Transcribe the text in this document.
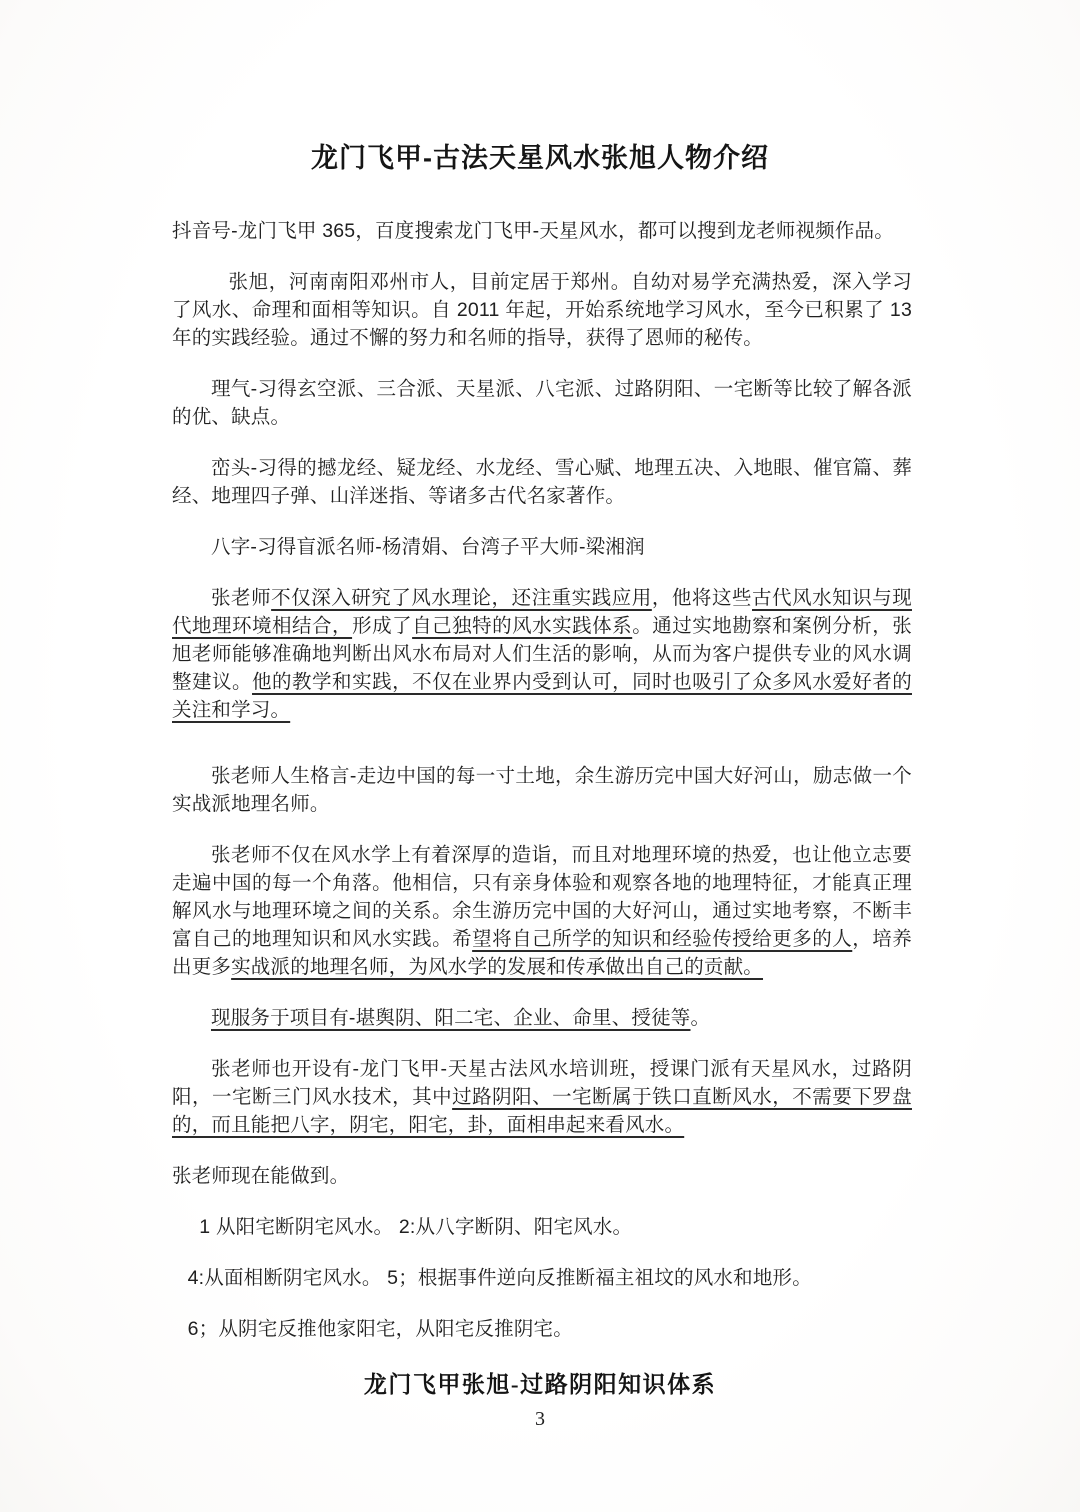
龙门飞甲-古法天星风水张旭人物介绍

抖音号-龙门飞甲 365，百度搜索龙门飞甲-天星风水，都可以搜到龙老师视频作品。

张旭，河南南阳邓州市人，目前定居于郑州。自幼对易学充满热爱，深入学习了风水、命理和面相等知识。自 2011 年起，开始系统地学习风水，至今已积累了 13 年的实践经验。通过不懈的努力和名师的指导，获得了恩师的秘传。

理气-习得玄空派、三合派、天星派、八宅派、过路阴阳、一宅断等比较了解各派的优、缺点。

峦头-习得的撼龙经、疑龙经、水龙经、雪心赋、地理五决、入地眼、催官篇、葬经、地理四子弹、山洋迷指、等诸多古代名家著作。

八字-习得盲派名师-杨清娟、台湾子平大师-梁湘润

张老师不仅深入研究了风水理论，还注重实践应用，他将这些古代风水知识与现代地理环境相结合，形成了自己独特的风水实践体系。通过实地勘察和案例分析，张旭老师能够准确地判断出风水布局对人们生活的影响，从而为客户提供专业的风水调整建议。他的教学和实践，不仅在业界内受到认可，同时也吸引了众多风水爱好者的关注和学习。

张老师人生格言-走边中国的每一寸土地，余生游历完中国大好河山，励志做一个实战派地理名师。

张老师不仅在风水学上有着深厚的造诣，而且对地理环境的热爱，也让他立志要走遍中国的每一个角落。他相信，只有亲身体验和观察各地的地理特征，才能真正理解风水与地理环境之间的关系。余生游历完中国的大好河山，通过实地考察，不断丰富自己的地理知识和风水实践。希望将自己所学的知识和经验传授给更多的人，培养出更多实战派的地理名师，为风水学的发展和传承做出自己的贡献。

现服务于项目有-堪舆阴、阳二宅、企业、命里、授徒等。

张老师也开设有-龙门飞甲-天星古法风水培训班，授课门派有天星风水，过路阴阳，一宅断三门风水技术，其中过路阴阳、一宅断属于铁口直断风水，不需要下罗盘的，而且能把八字，阴宅，阳宅，卦，面相串起来看风水。

张老师现在能做到。

1 从阳宅断阴宅风水。 2:从八字断阴、阳宅风水。

4:从面相断阴宅风水。 5；根据事件逆向反推断福主祖坟的风水和地形。

6；从阴宅反推他家阳宅，从阳宅反推阴宅。

龙门飞甲张旭-过路阴阳知识体系
3
